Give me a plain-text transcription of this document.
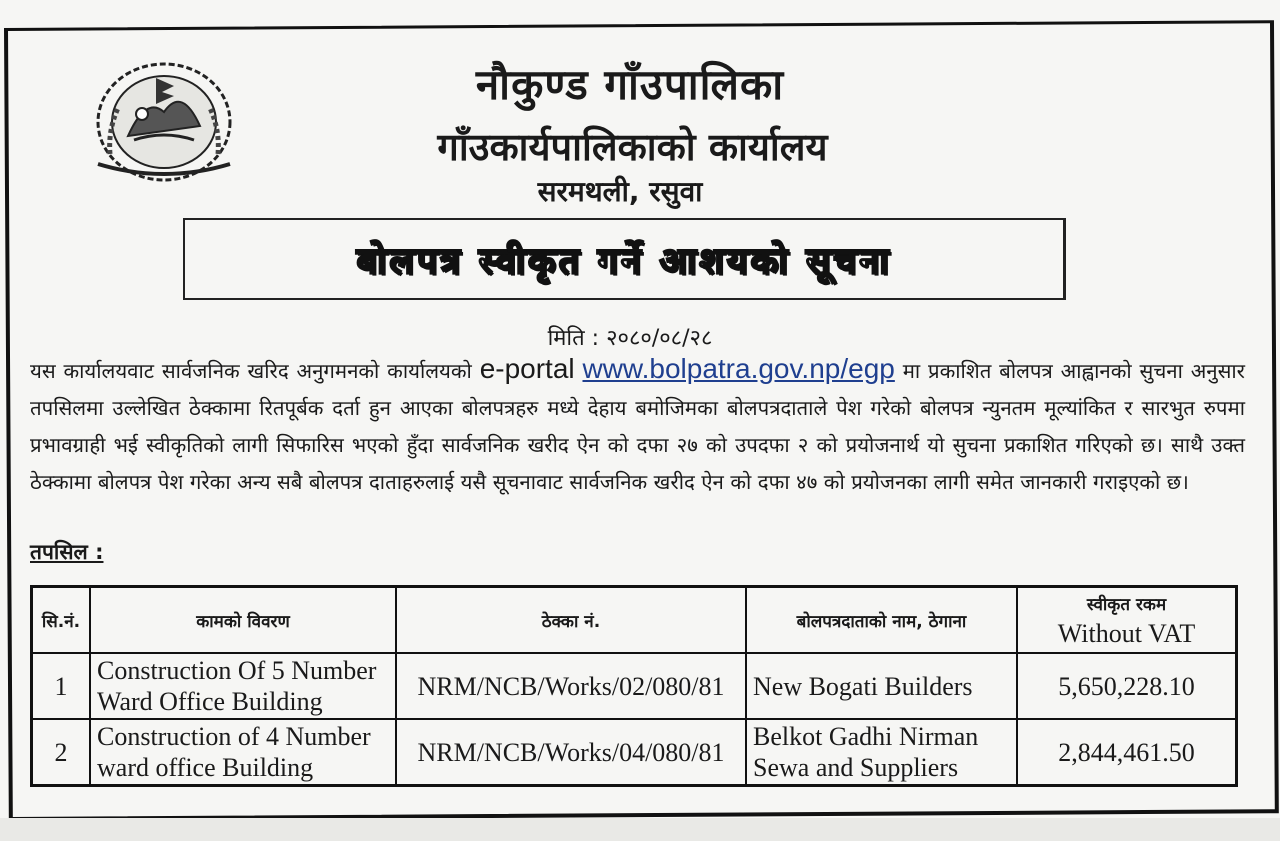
नौकुण्ड गाँउपालिका
गाँउकार्यपालिकाको कार्यालय
सरमथली, रसुवा
बोलपत्र स्वीकृत गर्ने आशयको सूचना
मिति : २०८०/०८/२८
यस कार्यालयवाट सार्वजनिक खरिद अनुगमनको कार्यालयको e-portal www.bolpatra.gov.np/egp मा प्रकाशित बोलपत्र आह्वानको सुचना अनुसार तपसिलमा उल्लेखित ठेक्कामा रितपूर्बक दर्ता हुन आएका बोलपत्रहरु मध्ये देहाय बमोजिमका बोलपत्रदाताले पेश गरेको बोलपत्र न्युनतम मूल्यांकित र सारभुत रुपमा प्रभावग्राही भई स्वीकृतिको लागी सिफारिस भएको हुँदा सार्वजनिक खरीद ऐन को दफा २७ को उपदफा २ को प्रयोजनार्थ यो सुचना प्रकाशित गरिएको छ। साथै उक्त ठेक्कामा बोलपत्र पेश गरेका अन्य सबै बोलपत्र दाताहरुलाई यसै सूचनावाट सार्वजनिक खरीद ऐन को दफा ४७ को प्रयोजनका लागी समेत जानकारी गराइएको छ।
तपसिल :
सि.नं.	कामको विवरण	ठेक्का नं.	बोलपत्रदाताको नाम, ठेगाना	स्वीकृत रकम
Without VAT

1	Construction Of 5 Number Ward Office Building	NRM/NCB/Works/02/080/81	New Bogati Builders	5,650,228.10
2	Construction of 4 Number ward office Building	NRM/NCB/Works/04/080/81	Belkot Gadhi Nirman Sewa and Suppliers	2,844,461.50
